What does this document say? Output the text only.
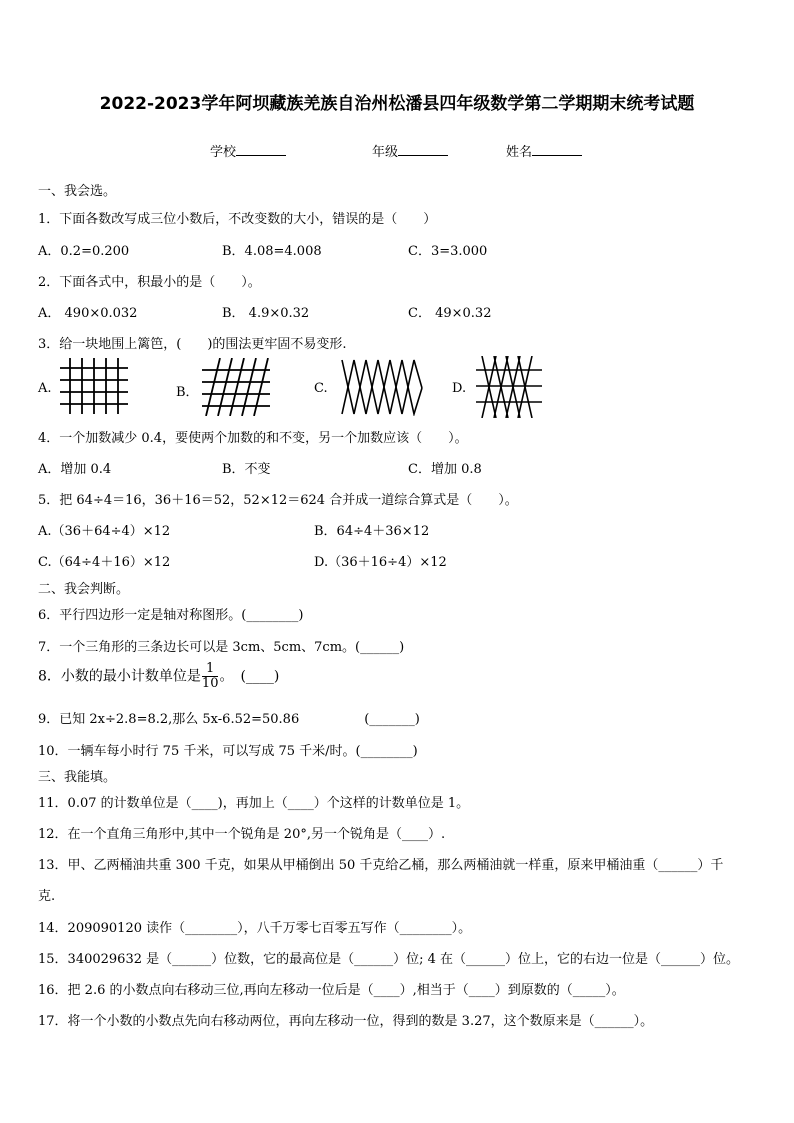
2022-2023学年阿坝藏族羌族自治州松潘县四年级数学第二学期期末统考试题
学校	年级	姓名
一、我会选。
1．下面各数改写成三位小数后，不改变数的大小，错误的是（　　）
A．0.2=0.200	B．4.08=4.008	C．3=3.000
2．下面各式中，积最小的是（　　）。
A． 490×0.032	B． 4.9×0.32	C． 49×0.32
3．给一块地围上篱笆，(　　)的围法更牢固不易变形.
A.	B．	C.	D.
4．一个加数减少 0.4，要使两个加数的和不变，另一个加数应该（　　）。
A．增加 0.4	B．不变	C．增加 0.8
5．把 64÷4＝16，36＋16＝52，52×12＝624 合并成一道综合算式是（　　）。
A.（36＋64÷4）×12	B．64÷4＋36×12
C.（64÷4＋16）×12	D.（36＋16÷4）×12
二、我会判断。
6．平行四边形一定是轴对称图形。(________)
7．一个三角形的三条边长可以是 3cm、5cm、7cm。(______)
8．小数的最小计数单位是 $\frac{1}{10}$ 。　(____)
9．已知 2x÷2.8=8.2,那么 5x-6.52=50.86　　　　　(_______)
10．一辆车每小时行 75 千米，可以写成 75 千米/时。(________)
三、我能填。
11．0.07 的计数单位是（____)，再加上（____）个这样的计数单位是 1。
12．在一个直角三角形中,其中一个锐角是 20°,另一个锐角是（____）.
13．甲、乙两桶油共重 300 千克，如果从甲桶倒出 50 千克给乙桶，那么两桶油就一样重，原来甲桶油重（______）千
克.
14．209090120 读作（________），八千万零七百零五写作（________）。
15．340029632 是（______）位数，它的最高位是（______）位; 4 在（______）位上，它的右边一位是（______）位。
16．把 2.6 的小数点向右移动三位,再向左移动一位后是（____）,相当于（____）到原数的（_____）。
17．将一个小数的小数点先向右移动两位，再向左移动一位，得到的数是 3.27，这个数原来是（______）。
